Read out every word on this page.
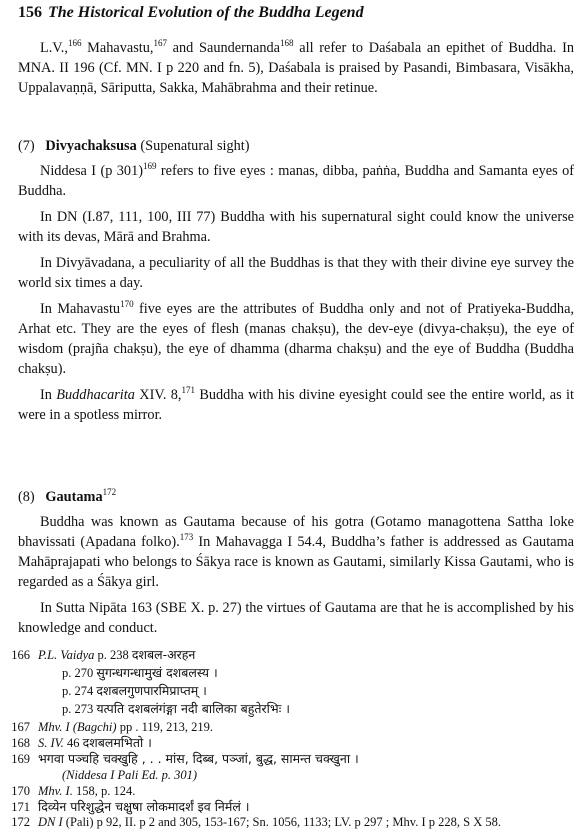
156 The Historical Evolution of the Buddha Legend

L.V.,$^{166}$ Mahavastu,$^{167}$ and Saundernanda$^{168}$ all refer to Daśabala an epithet of Buddha. In MNA. II 196 (Cf. MN. I p 220 and fn. 5), Daśabala is praised by Pasandi, Bimbasara, Visākha, Uppalavaṇṇā, Sāriputta, Sakka, Mahābrahma and their retinue.

(7) Divyachaksusa (Supenatural sight)

Niddesa I (p 301)$^{169}$ refers to five eyes : manas, dibba, paṅṅa, Buddha and Samanta eyes of Buddha.

In DN (I.87, 111, 100, III 77) Buddha with his supernatural sight could know the universe with its devas, Mārā and Brahma.

In Divyāvadana, a peculiarity of all the Buddhas is that they with their divine eye survey the world six times a day.

In Mahavastu$^{170}$ five eyes are the attributes of Buddha only and not of Pratiyeka-Buddha, Arhat etc. They are the eyes of flesh (manas chakṣu), the dev-eye (divya-chakṣu), the eye of wisdom (prajña chakṣu), the eye of dhamma (dharma chakṣu) and the eye of Buddha (Buddha chakṣu).

In Buddhacarita XIV. 8,$^{171}$ Buddha with his divine eyesight could see the entire world, as it were in a spotless mirror.

(8) Gautama$^{172}$

Buddha was known as Gautama because of his gotra (Gotamo managottena Sattha loke bhavissati (Apadana folko).$^{173}$ In Mahavagga I 54.4, Buddha’s father is addressed as Gautama Mahāprajapati who belongs to Śākya race is known as Gautami, similarly Kissa Gautami, who is regarded as a Śākya girl.

In Sutta Nipāta 163 (SBE X. p. 27) the virtues of Gautama are that he is accomplished by his knowledge and conduct.

166 P.L. Vaidya p. 238 दशबल-अरहन
p. 270 सुगन्धगन्धामुखं दशबलस्य ।
p. 274 दशबलगुणपारमिप्राप्तम् ।
p. 273 यत्पति दशबलंगंङ्गा नदी बालिका बहुतेरभिः ।
167 Mhv. I (Bagchi) pp . 119, 213, 219.
168 S. IV. 46 दशबलमभितो ।
169 भगवा पञ्चहि चक्खुहि , . . मांस, दिब्ब, पञ्जां, बुद्ध, सामन्त चक्खुना ।
(Niddesa I Pali Ed. p. 301)
170 Mhv. I. 158, p. 124.
171 दिव्येन परिशुद्धेन चक्षुषा लोकमादर्शं इव निर्मलं ।
172 DN I (Pali) p 92, II. p 2 and 305, 153-167; Sn. 1056, 1133; LV. p 297 ; Mhv. I p 228, S X 58.
